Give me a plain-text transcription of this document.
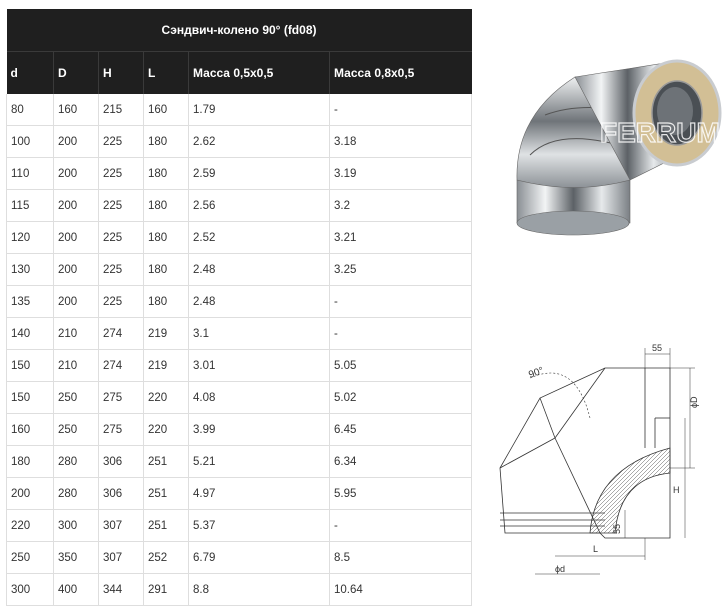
Сэндвич-колено 90° (fd08)					
d	D	H	L	Масса 0,5х0,5	Масса 0,8х0,5
80	160	215	160	1.79	-
100	200	225	180	2.62	3.18
110	200	225	180	2.59	3.19
115	200	225	180	2.56	3.2
120	200	225	180	2.52	3.21
130	200	225	180	2.48	3.25
135	200	225	180	2.48	-
140	210	274	219	3.1	-
150	210	274	219	3.01	5.05
150	250	275	220	4.08	5.02
160	250	275	220	3.99	6.45
180	280	306	251	5.21	6.34
200	280	306	251	4.97	5.95
220	300	307	251	5.37	-
250	350	307	252	6.79	8.5
300	400	344	291	8.8	10.64
FERRUM
90°
55
ϕD
H
55
L
ϕd
